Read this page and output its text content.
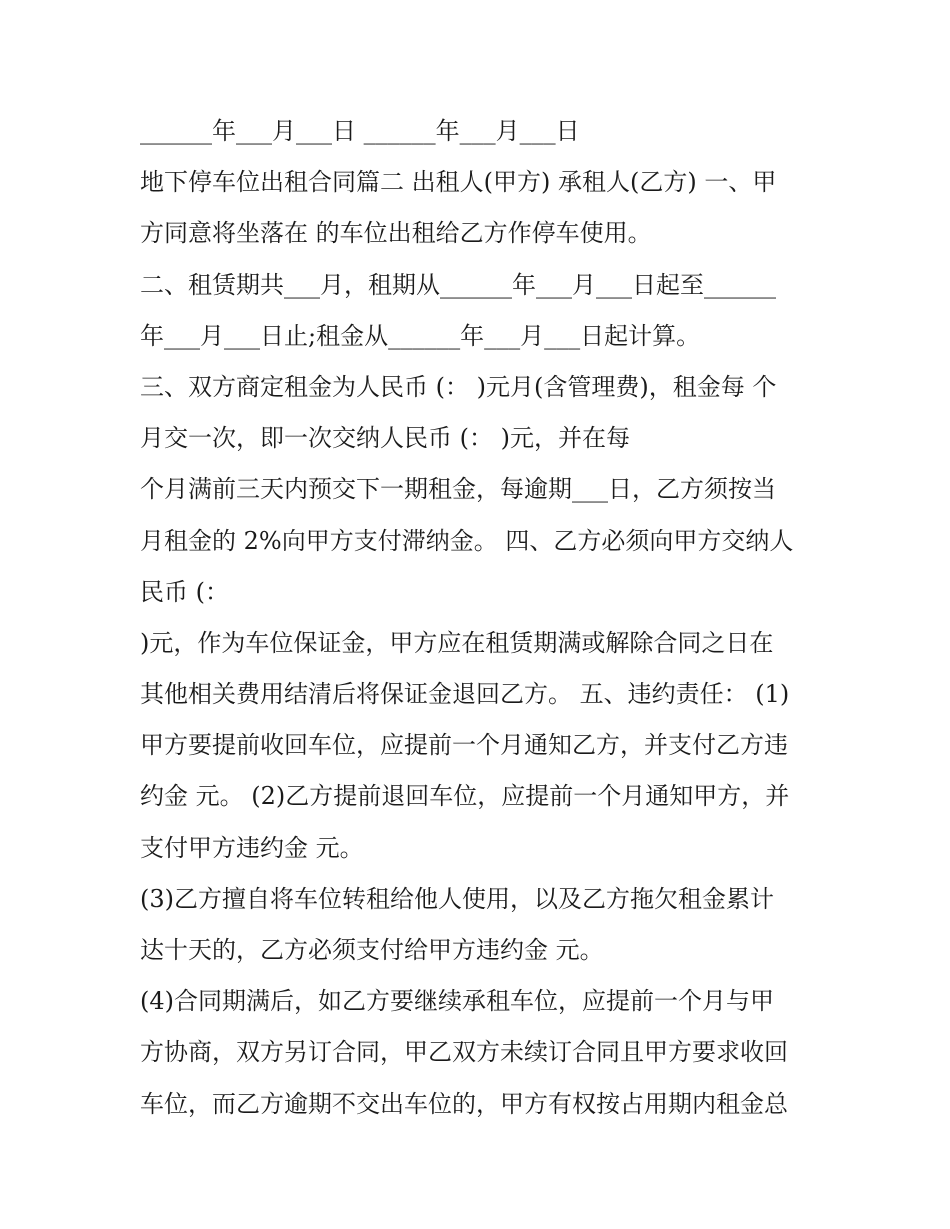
______年___月___日 ______年___月___日
地下停车位出租合同篇二 出租人(甲方) 承租人(乙方) 一、甲
方同意将坐落在 的车位出租给乙方作停车使用。
二、租赁期共___月，租期从______年___月___日起至______
年___月___日止;租金从______年___月___日起计算。
三、双方商定租金为人民币 (： )元月(含管理费)，租金每 个
月交一次，即一次交纳人民币 (： )元，并在每
个月满前三天内预交下一期租金，每逾期___日，乙方须按当
月租金的 2%向甲方支付滞纳金。 四、乙方必须向甲方交纳人
民币 (：
)元，作为车位保证金，甲方应在租赁期满或解除合同之日在
其他相关费用结清后将保证金退回乙方。 五、违约责任： (1)
甲方要提前收回车位，应提前一个月通知乙方，并支付乙方违
约金 元。 (2)乙方提前退回车位，应提前一个月通知甲方，并
支付甲方违约金 元。
(3)乙方擅自将车位转租给他人使用，以及乙方拖欠租金累计
达十天的，乙方必须支付给甲方违约金 元。
(4)合同期满后，如乙方要继续承租车位，应提前一个月与甲
方协商，双方另订合同，甲乙双方未续订合同且甲方要求收回
车位，而乙方逾期不交出车位的，甲方有权按占用期内租金总
